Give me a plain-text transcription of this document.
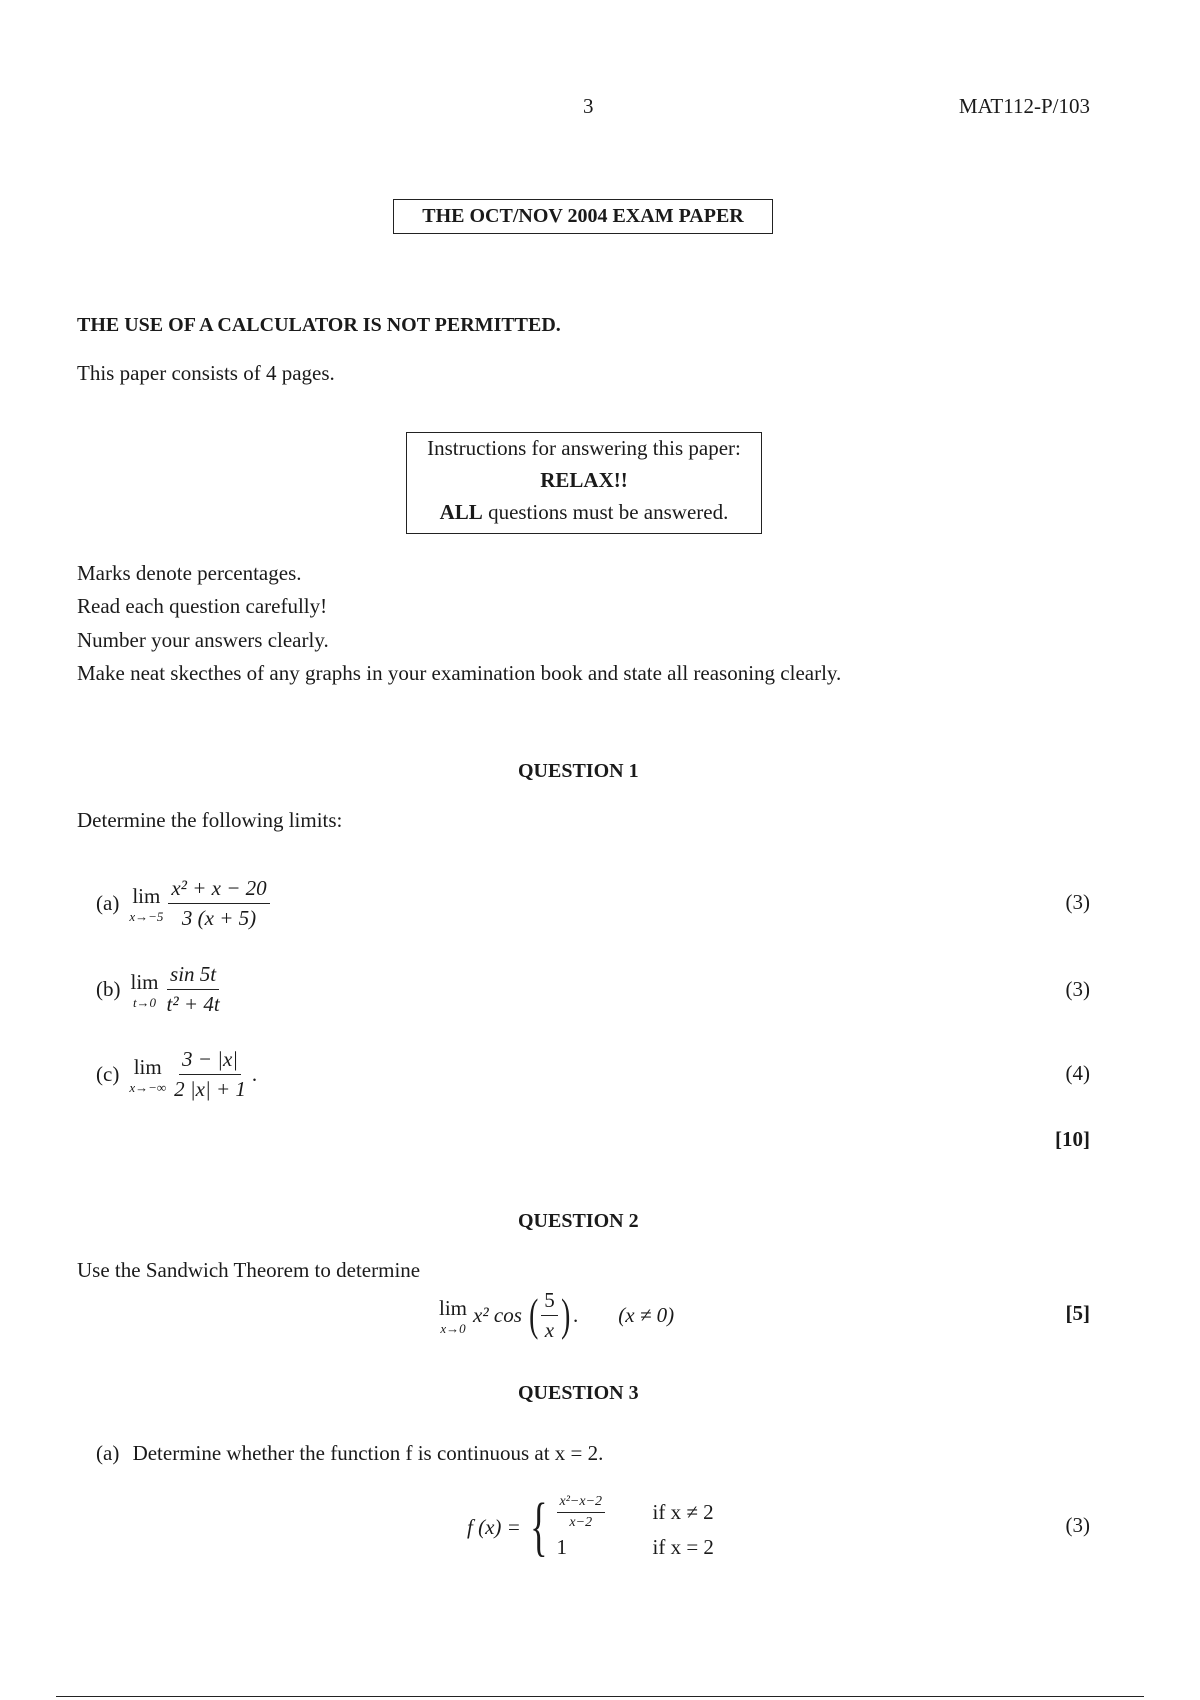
3	MAT112-P/103
THE OCT/NOV 2004 EXAM PAPER
THE USE OF A CALCULATOR IS NOT PERMITTED.
This paper consists of 4 pages.
Instructions for answering this paper:
RELAX!!
ALL questions must be answered.
Marks denote percentages.
Read each question carefully!
Number your answers clearly.
Make neat skecthes of any graphs in your examination book and state all reasoning clearly.
QUESTION 1
Determine the following limits:
(a) lim
$x\to-5 \frac{\text{x² + x − 20}}{3 (x + 5)}$	(3)
(b) lim
$t\to 0 \frac{\sin 5t}{\text{t² + 4t}}$	(3)
(c) lim
$x\to-\infty \frac{3 - |x|}{2 |x| + 1}$ .	(4)
[10]
QUESTION 2
Use the Sandwich Theorem to determine
lim
x→0
x² cos ( $\frac{5}{x}$ ) . (x ≠ 0)	[5]
QUESTION 3
(a) Determine whether the function f is continuous at x = 2.
f (x) = { $\frac{\text{x²−x−2}}{x-2}$ if x ≠ 2
1	if x = 2
(3)
